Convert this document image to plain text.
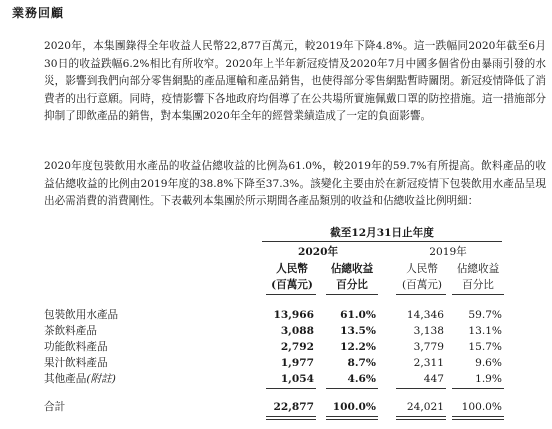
業務回顧
2020年，本集團錄得全年收益人民幣22,877百萬元，較2019年下降4.8%。這一跌幅同2020年截至6月30日的收益跌幅6.2%相比有所收窄。2020年上半年新冠疫情及2020年7月中國多個省份由暴雨引發的水災，影響到我們向部分零售網點的產品運輸和產品銷售，也使得部分零售網點暫時關閉。新冠疫情降低了消費者的出行意願。同時，疫情影響下各地政府均倡導了在公共場所實施佩戴口罩的防控措施。這一措施部分抑制了即飲產品的銷售，對本集團2020年全年的經營業績造成了一定的負面影響。
2020年度包裝飲用水產品的收益佔總收益的比例為61.0%，較2019年的59.7%有所提高。飲料產品的收益佔總收益的比例由2019年度的38.8%下降至37.3%。該變化主要由於在新冠疫情下包裝飲用水產品呈現出必需消費的消費剛性。下表載列本集團於所示期間各產品類別的收益和佔總收益比例明細：
截至12月31日止年度
2020年	2019年
人民幣
(百萬元)
佔總收益
百分比
人民幣
(百萬元)
佔總收益
百分比
包裝飲用水產品	13,966	61.0%	14,346	59.7%
茶飲料產品	3,088	13.5%	3,138	13.1%
功能飲料產品	2,792	12.2%	3,779	15.7%
果汁飲料產品	1,977	8.7%	2,311	9.6%
其他產品(附註)	1,054	4.6%	447	1.9%
合計	22,877	100.0%	24,021	100.0%
